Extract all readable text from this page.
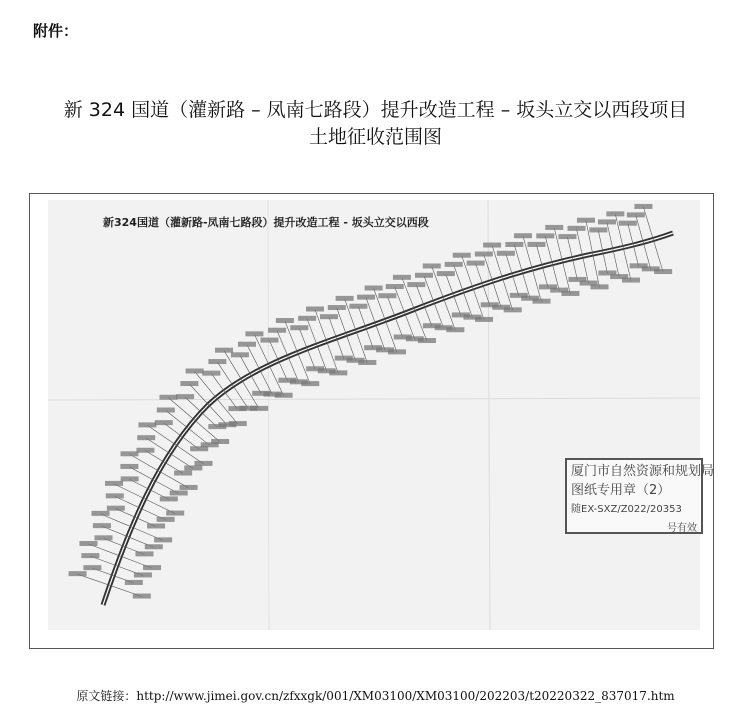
附件：
新 324 国道（灌新路 – 凤南七路段）提升改造工程 – 坂头立交以西段项目
土地征收范围图
新324国道（灌新路-凤南七路段）提升改造工程 - 坂头立交以西段
厦门市自然资源和规划局
图纸专用章（2）
随EX-SXZ/Z022/20353
号有效
原文链接：http://www.jimei.gov.cn/zfxxgk/001/XM03100/XM03100/202203/t20220322_837017.htm
